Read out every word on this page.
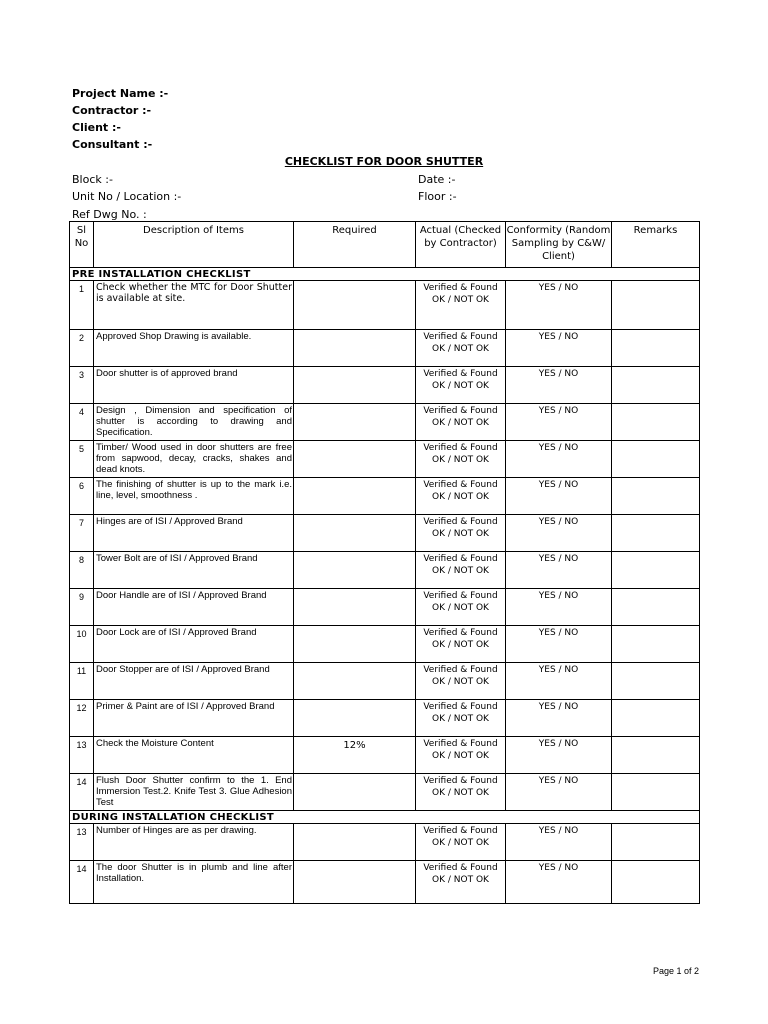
Project Name :-
Contractor :-
Client :-
Consultant :-
CHECKLIST FOR DOOR SHUTTER
Block :-
Unit No / Location :-
Ref Dwg No. :
Date :-
Floor :-
Sl No	Description of Items	Required	Actual (Checked by Contractor)	Conformity (Random Sampling by C&W/ Client)	Remarks
PRE INSTALLATION CHECKLIST					
1	Check whether the MTC for Door Shutter is available at site.		Verified & Found
OK / NOT OK	YES / NO	
2	Approved Shop Drawing is available.		Verified & Found
OK / NOT OK	YES / NO	
3	Door shutter is of approved brand		Verified & Found
OK / NOT OK	YES / NO	
4	Design , Dimension and specification of shutter is according to drawing and Specification.		Verified & Found
OK / NOT OK	YES / NO	
5	Timber/ Wood used in door shutters are free from sapwood, decay, cracks, shakes and dead knots.		Verified & Found
OK / NOT OK	YES / NO	
6	The finishing of shutter is up to the mark i.e. line, level, smoothness .		Verified & Found
OK / NOT OK	YES / NO	
7	Hinges are of ISI / Approved Brand		Verified & Found
OK / NOT OK	YES / NO	
8	Tower Bolt are of ISI / Approved Brand		Verified & Found
OK / NOT OK	YES / NO	
9	Door Handle are of ISI / Approved Brand		Verified & Found
OK / NOT OK	YES / NO	
10	Door Lock are of ISI / Approved Brand		Verified & Found
OK / NOT OK	YES / NO	
11	Door Stopper are of ISI / Approved Brand		Verified & Found
OK / NOT OK	YES / NO	
12	Primer & Paint are of ISI / Approved Brand		Verified & Found
OK / NOT OK	YES / NO	
13	Check the Moisture Content	12%	Verified & Found
OK / NOT OK	YES / NO	
14	Flush Door Shutter confirm to the 1. End Immersion Test.2. Knife Test 3. Glue Adhesion Test		Verified & Found
OK / NOT OK	YES / NO	
DURING INSTALLATION CHECKLIST					
13	Number of Hinges are as per drawing.		Verified & Found
OK / NOT OK	YES / NO	
14	The door Shutter is in plumb and line after Installation.		Verified & Found
OK / NOT OK	YES / NO	
Page 1 of 2
